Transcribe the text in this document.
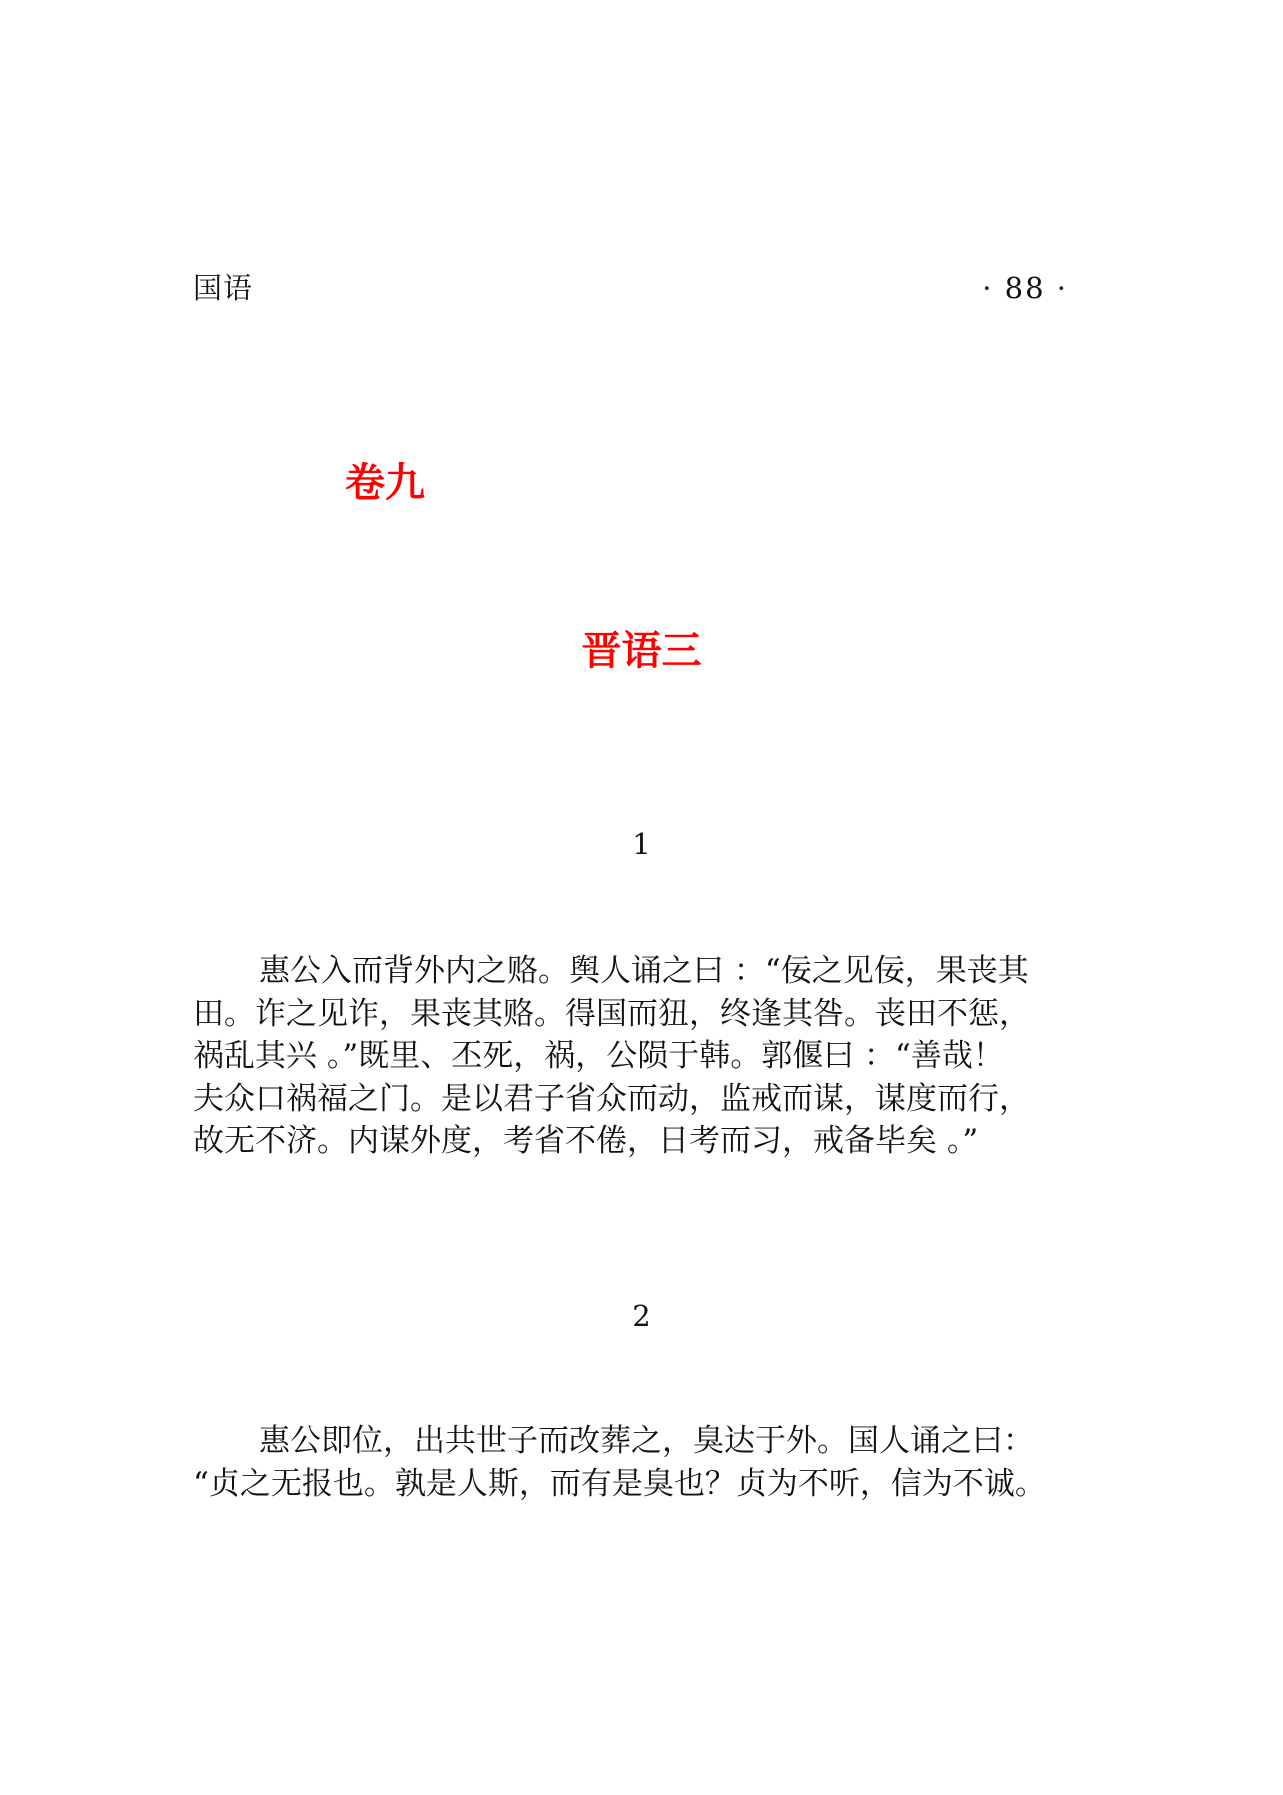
国语	· 88 ·
卷九
晋语三
1

惠公入而背外内之赂。舆人诵之曰 ：“佞之见佞，果丧其
田。诈之见诈，果丧其赂。得国而狃，终逢其咎。丧田不惩，
祸乱其兴 。”既里、丕死，祸，公陨于韩。郭偃曰 ：“善哉！
夫众口祸福之门。是以君子省众而动，监戒而谋，谋度而行，
故无不济。内谋外度，考省不倦，日考而习，戒备毕矣 。”

2

惠公即位，出共世子而改葬之，臭达于外。国人诵之曰：
“贞之无报也。孰是人斯，而有是臭也？贞为不听，信为不诚。
